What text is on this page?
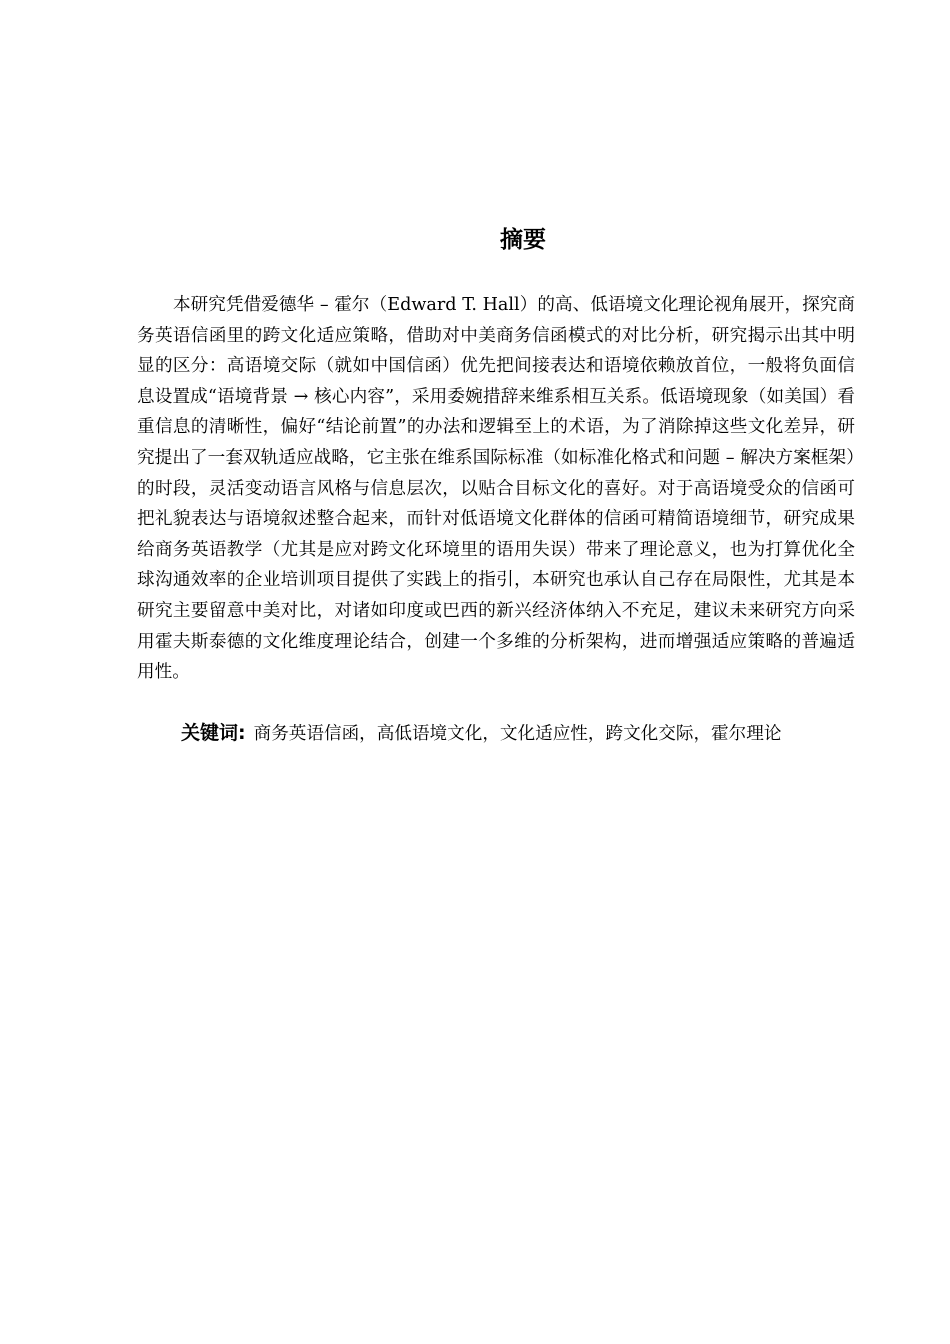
摘要

本研究凭借爱德华 – 霍尔（Edward T. Hall）的高、低语境文化理论视角展开，探究商务英语信函里的跨文化适应策略，借助对中美商务信函模式的对比分析，研究揭示出其中明显的区分：高语境交际（就如中国信函）优先把间接表达和语境依赖放首位，一般将负面信息设置成“语境背景 → 核心内容”，采用委婉措辞来维系相互关系。低语境现象（如美国）看重信息的清晰性，偏好“结论前置”的办法和逻辑至上的术语，为了消除掉这些文化差异，研究提出了一套双轨适应战略，它主张在维系国际标准（如标准化格式和问题 – 解决方案框架）的时段，灵活变动语言风格与信息层次，以贴合目标文化的喜好。对于高语境受众的信函可把礼貌表达与语境叙述整合起来，而针对低语境文化群体的信函可精简语境细节，研究成果给商务英语教学（尤其是应对跨文化环境里的语用失误）带来了理论意义，也为打算优化全球沟通效率的企业培训项目提供了实践上的指引，本研究也承认自己存在局限性，尤其是本研究主要留意中美对比，对诸如印度或巴西的新兴经济体纳入不充足，建议未来研究方向采用霍夫斯泰德的文化维度理论结合，创建一个多维的分析架构，进而增强适应策略的普遍适用性。

关键词: 商务英语信函，高低语境文化，文化适应性，跨文化交际，霍尔理论
